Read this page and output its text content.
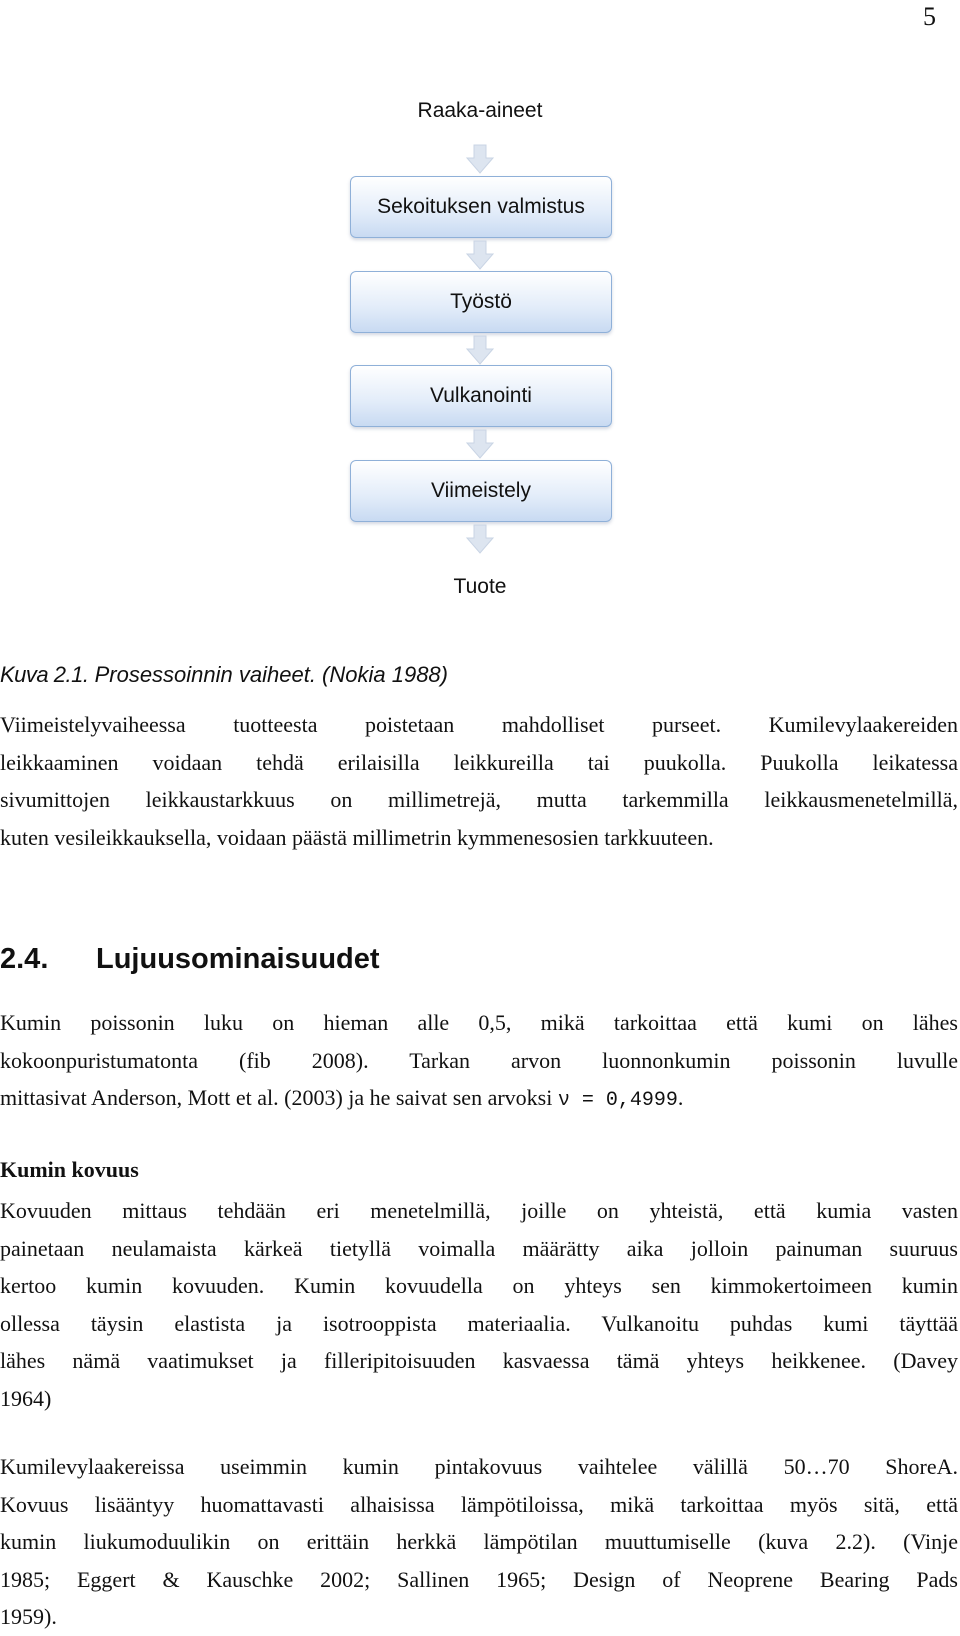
5
Raaka-aineet
Sekoituksen valmistus
Työstö
Vulkanointi
Viimeistely
Tuote
Kuva 2.1. Prosessoinnin vaiheet. (Nokia 1988)
Viimeistelyvaiheessa tuotteesta poistetaan mahdolliset purseet. Kumilevylaakereiden
leikkaaminen voidaan tehdä erilaisilla leikkureilla tai puukolla. Puukolla leikatessa
sivumittojen leikkaustarkkuus on millimetrejä, mutta tarkemmilla leikkausmenetelmillä,
kuten vesileikkauksella, voidaan päästä millimetrin kymmenesosien tarkkuuteen.
2.4. Lujuusominaisuudet
Kumin poissonin luku on hieman alle 0,5, mikä tarkoittaa että kumi on lähes
kokoonpuristumatonta (fib 2008). Tarkan arvon luonnonkumin poissonin luvulle
mittasivat Anderson, Mott et al. (2003) ja he saivat sen arvoksi ν = 0,4999.
Kumin kovuus
Kovuuden mittaus tehdään eri menetelmillä, joille on yhteistä, että kumia vasten
painetaan neulamaista kärkeä tietyllä voimalla määrätty aika jolloin painuman suuruus
kertoo kumin kovuuden. Kumin kovuudella on yhteys sen kimmokertoimeen kumin
ollessa täysin elastista ja isotrooppista materiaalia. Vulkanoitu puhdas kumi täyttää
lähes nämä vaatimukset ja filleripitoisuuden kasvaessa tämä yhteys heikkenee. (Davey
1964)
Kumilevylaakereissa useimmin kumin pintakovuus vaihtelee välillä 50…70 ShoreA.
Kovuus lisääntyy huomattavasti alhaisissa lämpötiloissa, mikä tarkoittaa myös sitä, että
kumin liukumoduulikin on erittäin herkkä lämpötilan muuttumiselle (kuva 2.2). (Vinje
1985; Eggert & Kauschke 2002; Sallinen 1965; Design of Neoprene Bearing Pads
1959).
